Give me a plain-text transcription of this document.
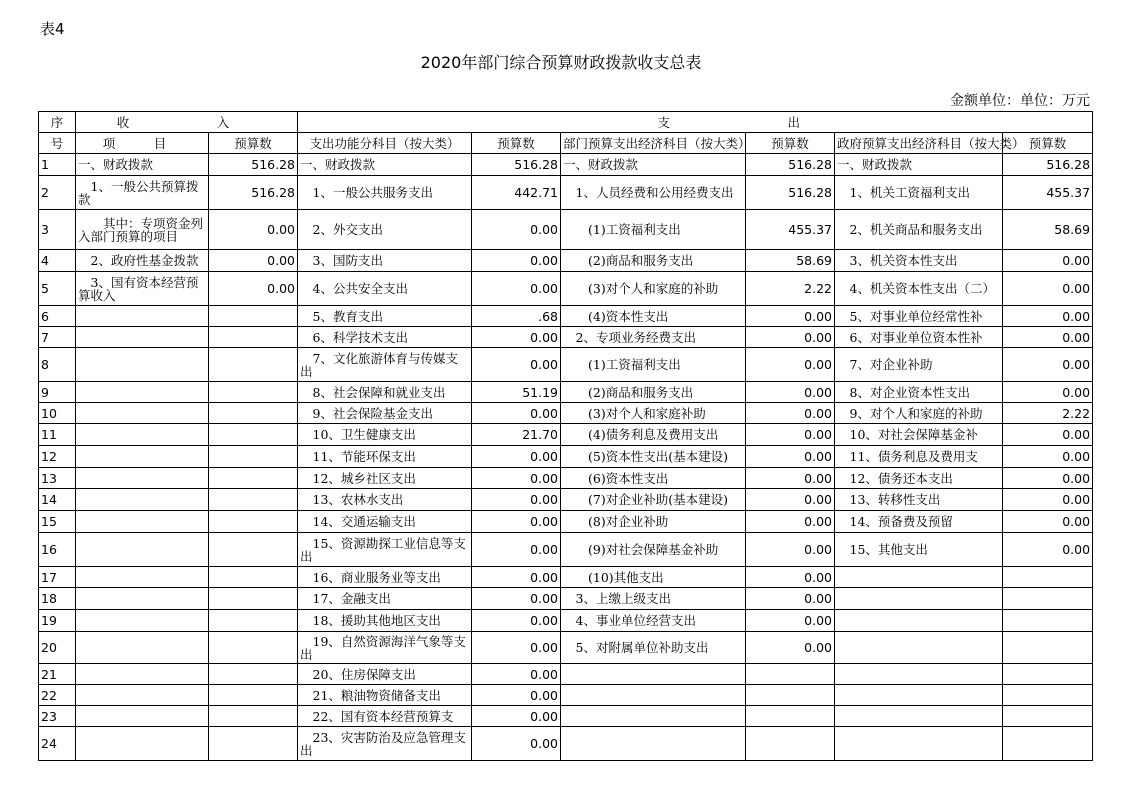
表4
2020年部门综合预算财政拨款收支总表
金额单位：单位：万元
序	收 入		支 出					
号	项 目	预算数	支出功能分科目（按大类）	预算数	部门预算支出经济科目（按大类）	预算数	政府预算支出经济科目（按大类）	预算数
1	一、财政拨款	516.28	一、财政拨款	516.28	一、财政拨款	516.28	一、财政拨款	516.28
2	　1、一般公共预算拨款	516.28	　1、一般公共服务支出	442.71	　1、人员经费和公用经费支出	516.28	　1、机关工资福利支出	455.37
3	　　其中：专项资金列入部门预算的项目	0.00	　2、外交支出	0.00	　　(1)工资福利支出	455.37	　2、机关商品和服务支出	58.69
4	　2、政府性基金拨款	0.00	　3、国防支出	0.00	　　(2)商品和服务支出	58.69	　3、机关资本性支出	0.00
5	　3、国有资本经营预算收入	0.00	　4、公共安全支出	0.00	　　(3)对个人和家庭的补助	2.22	　4、机关资本性支出（二）	0.00
6			　5、教育支出	.68	　　(4)资本性支出	0.00	　5、对事业单位经常性补	0.00
7			　6、科学技术支出	0.00	　2、专项业务经费支出	0.00	　6、对事业单位资本性补	0.00
8			　7、文化旅游体育与传媒支出	0.00	　　(1)工资福利支出	0.00	　7、对企业补助	0.00
9			　8、社会保障和就业支出	51.19	　　(2)商品和服务支出	0.00	　8、对企业资本性支出	0.00
10			　9、社会保险基金支出	0.00	　　(3)对个人和家庭补助	0.00	　9、对个人和家庭的补助	2.22
11			　10、卫生健康支出	21.70	　　(4)债务利息及费用支出	0.00	　10、对社会保障基金补	0.00
12			　11、节能环保支出	0.00	　　(5)资本性支出(基本建设)	0.00	　11、债务利息及费用支	0.00
13			　12、城乡社区支出	0.00	　　(6)资本性支出	0.00	　12、债务还本支出	0.00
14			　13、农林水支出	0.00	　　(7)对企业补助(基本建设)	0.00	　13、转移性支出	0.00
15			　14、交通运输支出	0.00	　　(8)对企业补助	0.00	　14、预备费及预留	0.00
16			　15、资源勘探工业信息等支出	0.00	　　(9)对社会保障基金补助	0.00	　15、其他支出	0.00
17			　16、商业服务业等支出	0.00	　　(10)其他支出	0.00		
18			　17、金融支出	0.00	　3、上缴上级支出	0.00		
19			　18、援助其他地区支出	0.00	　4、事业单位经营支出	0.00		
20			　19、自然资源海洋气象等支出	0.00	　5、对附属单位补助支出	0.00		
21			　20、住房保障支出	0.00				
22			　21、粮油物资储备支出	0.00				
23			　22、国有资本经营预算支	0.00				
24			　23、灾害防治及应急管理支出	0.00				
